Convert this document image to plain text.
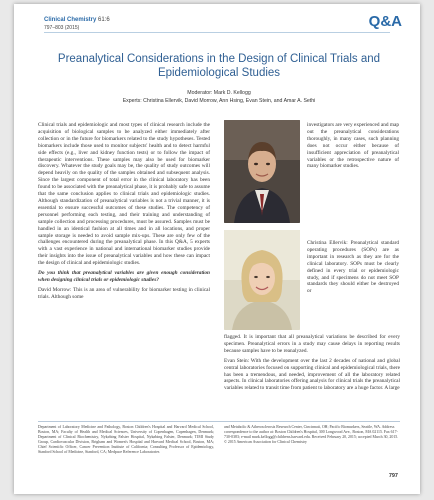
Clinical Chemistry 61:6
797–803 (2015)	Q&A
Preanalytical Considerations in the Design of Clinical Trials and Epidemiological Studies
Moderator: Mark D. Kellogg
Experts: Christina Ellervik, David Morrow, Ann Hsing, Evan Stein, and Amar A. Sethi

Clinical trials and epidemiologic and most types of clinical research include the acquisition of biological samples to be analyzed either immediately after collection or in the future for biomarkers related to the study hypotheses. Tested biomarkers include those used to monitor subjects' health and to detect harmful side effects (e.g., liver and kidney function tests) or to follow the impact of therapeutic interventions. These samples may also be used for biomarker discovery. Whatever the study goals may be, the quality of study outcomes will depend heavily on the quality of the samples obtained and subsequent analysis. Since the largest component of total error in the clinical laboratory has been found to be associated with the preanalytical phase, it is probably safe to assume that the same conclusion applies to clinical trials and epidemiologic studies. Although standardization of preanalytical variables is not a trivial manner, it is essential to ensure successful outcomes of these studies. The competency of personnel performing each testing, and their training and understanding of sample collection and processing procedures, must be assured. Samples must be handled in an identical fashion at all times and in all locations, and proper sample storage is needed to avoid sample mix-ups. These are only few of the challenges encountered during the preanalytical phase. In this Q&A, 5 experts with a vast experience in national and international biomarker studies provide their insights into the issue of preanalytical variables and how these can impact the design of clinical and epidemiologic studies.

Do you think that preanalytical variables are given enough consideration when designing clinical trials or epidemiologic studies?

David Morrow: This is an area of vulnerability for biomarker testing in clinical trials. Although some

investigators are very experienced and map out the preanalytical considerations thoroughly, in many cases, such planning does not occur either because of insufficient appreciation of preanalytical variables or the retrospective nature of many biomarker studies.

Christina Ellervik: Preanalytical standard operating procedures (SOPs) are as important in research as they are for the clinical laboratory. SOPs must be clearly defined in every trial or epidemiologic study, and if specimens do not meet SOP standards they should either be destroyed or

flagged. It is important that all preanalytical variations be described for every specimen. Preanalytical errors in a study may cause delays in reporting results because samples have to be reanalyzed.

Evan Stein: With the development over the last 2 decades of national and global central laboratories focused on supporting clinical and epidemiological trials, there has been a tremendous, and needed, improvement of all the laboratory related aspects. In clinical laboratories offering analysis for clinical trials the preanalytical variables related to transit time from patient to laboratory are a huge factor. A large

Department of Laboratory Medicine and Pathology, Boston Children's Hospital and Harvard Medical School, Boston, MA; Faculty of Health and Medical Sciences, University of Copenhagen, Copenhagen, Denmark; Department of Clinical Biochemistry, Nykøbing Falster Hospital, Nykøbing Falster, Denmark; TIMI Study Group, Cardiovascular Division, Brigham and Women's Hospital and Harvard Medical School, Boston, MA; Chief Scientific Officer, Cancer Prevention Institute of California; Consulting Professor of Epidemiology, Stanford School of Medicine, Stanford, CA; Medpace Reference Laboratories
and Metabolic & Atherosclerosis Research Center, Cincinnati, OH; Pacific Biomarkers, Seattle, WA. Address correspondence to the author at: Boston Children's Hospital, 300 Longwood Ave., Boston, MA 02115. Fax 617-730-0383; e-mail mark.kellogg@childrens.harvard.edu. Received February 20, 2015; accepted March 30, 2015. © 2015 American Association for Clinical Chemistry
797
